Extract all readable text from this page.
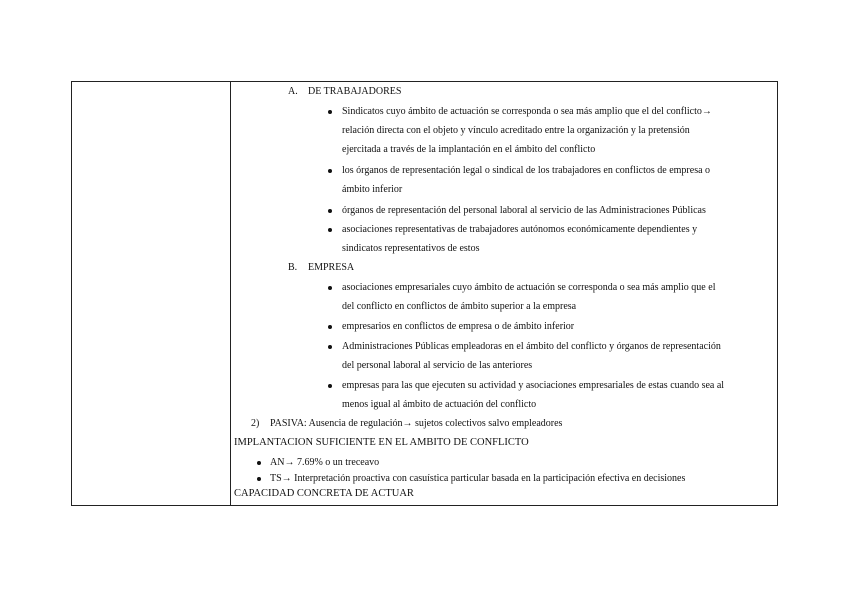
A. DE TRABAJADORES
Sindicatos cuyo ámbito de actuación se corresponda o sea más amplio que el del conflicto→
relación directa con el objeto y vínculo acreditado entre la organización y la pretensión
ejercitada a través de la implantación en el ámbito del conflicto
los órganos de representación legal o sindical de los trabajadores en conflictos de empresa o
ámbito inferior
órganos de representación del personal laboral al servicio de las Administraciones Públicas
asociaciones representativas de trabajadores autónomos económicamente dependientes y
sindicatos representativos de estos
B. EMPRESA
asociaciones empresariales cuyo ámbito de actuación se corresponda o sea más amplio que el
del conflicto en conflictos de ámbito superior a la empresa
empresarios en conflictos de empresa o de ámbito inferior
Administraciones Públicas empleadoras en el ámbito del conflicto y órganos de representación
del personal laboral al servicio de las anteriores
empresas para las que ejecuten su actividad y asociaciones empresariales de estas cuando sea al
menos igual al ámbito de actuación del conflicto
2) PASIVA: Ausencia de regulación→ sujetos colectivos salvo empleadores
IMPLANTACION SUFICIENTE EN EL AMBITO DE CONFLICTO
AN→ 7.69% o un treceavo
TS→ Interpretación proactiva con casuística particular basada en la participación efectiva en decisiones
CAPACIDAD CONCRETA DE ACTUAR
